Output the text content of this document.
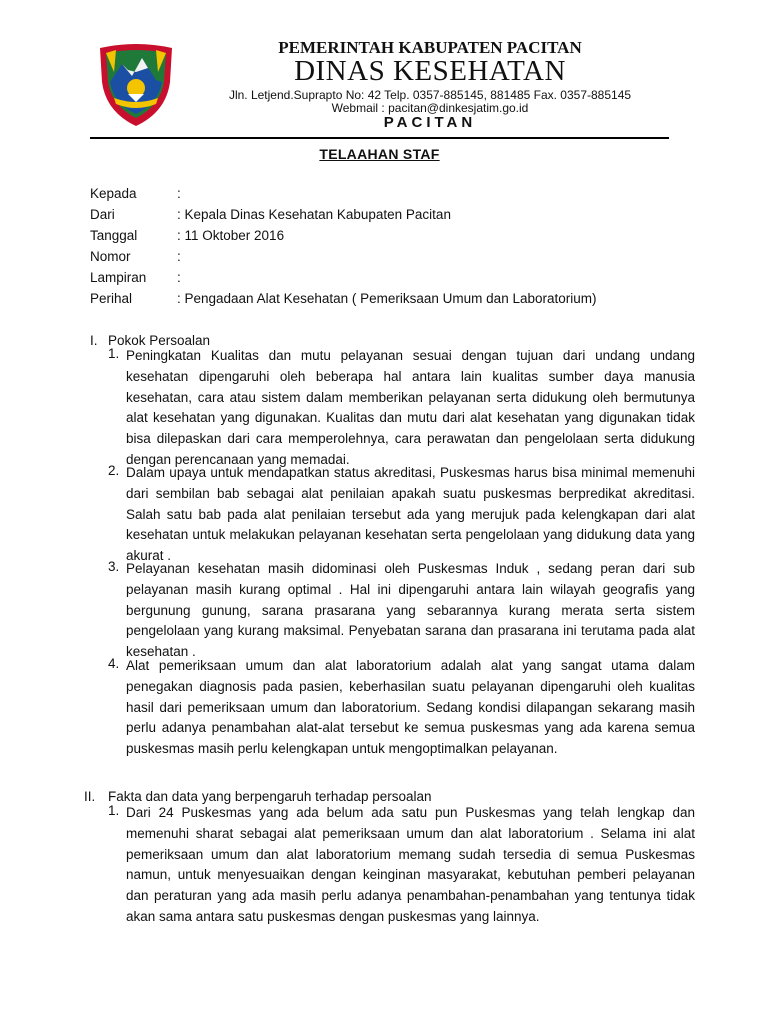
PEMERINTAH KABUPATEN PACITAN
DINAS KESEHATAN
Jln. Letjend.Suprapto No: 42 Telp. 0357-885145, 881485 Fax. 0357-885145
Webmail : pacitan@dinkesjatim.go.id
PACITAN
TELAAHAN STAF
Kepada	:
Dari	: Kepala Dinas Kesehatan Kabupaten Pacitan
Tanggal	: 11 Oktober 2016
Nomor	:
Lampiran :
Perihal	: Pengadaan Alat Kesehatan ( Pemeriksaan Umum dan Laboratorium)
I. Pokok Persoalan
1. Peningkatan Kualitas dan mutu pelayanan sesuai dengan tujuan dari undang undang kesehatan dipengaruhi oleh beberapa hal antara lain kualitas sumber daya manusia kesehatan, cara atau sistem dalam memberikan pelayanan serta didukung oleh bermutunya alat kesehatan yang digunakan. Kualitas dan mutu dari alat kesehatan yang digunakan tidak bisa dilepaskan dari cara memperolehnya, cara perawatan dan pengelolaan serta didukung dengan perencanaan yang memadai.
2. Dalam upaya untuk mendapatkan status akreditasi, Puskesmas harus bisa minimal memenuhi dari sembilan bab sebagai alat penilaian apakah suatu puskesmas berpredikat akreditasi. Salah satu bab pada alat penilaian tersebut ada yang merujuk pada kelengkapan dari alat kesehatan untuk melakukan pelayanan kesehatan serta pengelolaan yang didukung data yang akurat .
3. Pelayanan kesehatan masih didominasi oleh Puskesmas Induk , sedang peran dari sub pelayanan masih kurang optimal . Hal ini dipengaruhi antara lain wilayah geografis yang bergunung gunung, sarana prasarana yang sebarannya kurang merata serta sistem pengelolaan yang kurang maksimal. Penyebatan sarana dan prasarana ini terutama pada alat kesehatan .
4. Alat pemeriksaan umum dan alat laboratorium adalah alat yang sangat utama dalam penegakan diagnosis pada pasien, keberhasilan suatu pelayanan dipengaruhi oleh kualitas hasil dari pemeriksaan umum dan laboratorium. Sedang kondisi dilapangan sekarang masih perlu adanya penambahan alat-alat tersebut ke semua puskesmas yang ada karena semua puskesmas masih perlu kelengkapan untuk mengoptimalkan pelayanan.
II. Fakta dan data yang berpengaruh terhadap persoalan
1. Dari 24 Puskesmas yang ada belum ada satu pun Puskesmas yang telah lengkap dan memenuhi sharat sebagai alat pemeriksaan umum dan alat laboratorium . Selama ini alat pemeriksaan umum dan alat laboratorium memang sudah tersedia di semua Puskesmas namun, untuk menyesuaikan dengan keinginan masyarakat, kebutuhan pemberi pelayanan dan peraturan yang ada masih perlu adanya penambahan-penambahan yang tentunya tidak akan sama antara satu puskesmas dengan puskesmas yang lainnya.
